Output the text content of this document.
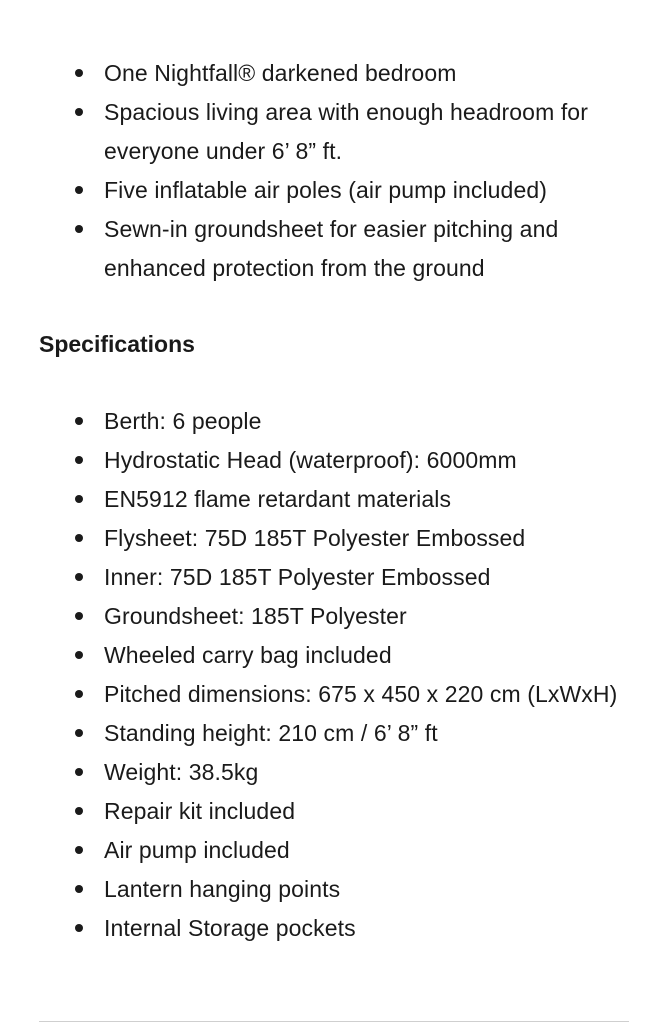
One Nightfall® darkened bedroom
Spacious living area with enough headroom for everyone under 6’ 8” ft.
Five inflatable air poles (air pump included)
Sewn-in groundsheet for easier pitching and enhanced protection from the ground
Specifications
Berth: 6 people
Hydrostatic Head (waterproof): 6000mm
EN5912 flame retardant materials
Flysheet: 75D 185T Polyester Embossed
Inner: 75D 185T Polyester Embossed
Groundsheet: 185T Polyester
Wheeled carry bag included
Pitched dimensions: 675 x 450 x 220 cm (LxWxH)
Standing height: 210 cm / 6’ 8” ft
Weight: 38.5kg
Repair kit included
Air pump included
Lantern hanging points
Internal Storage pockets
